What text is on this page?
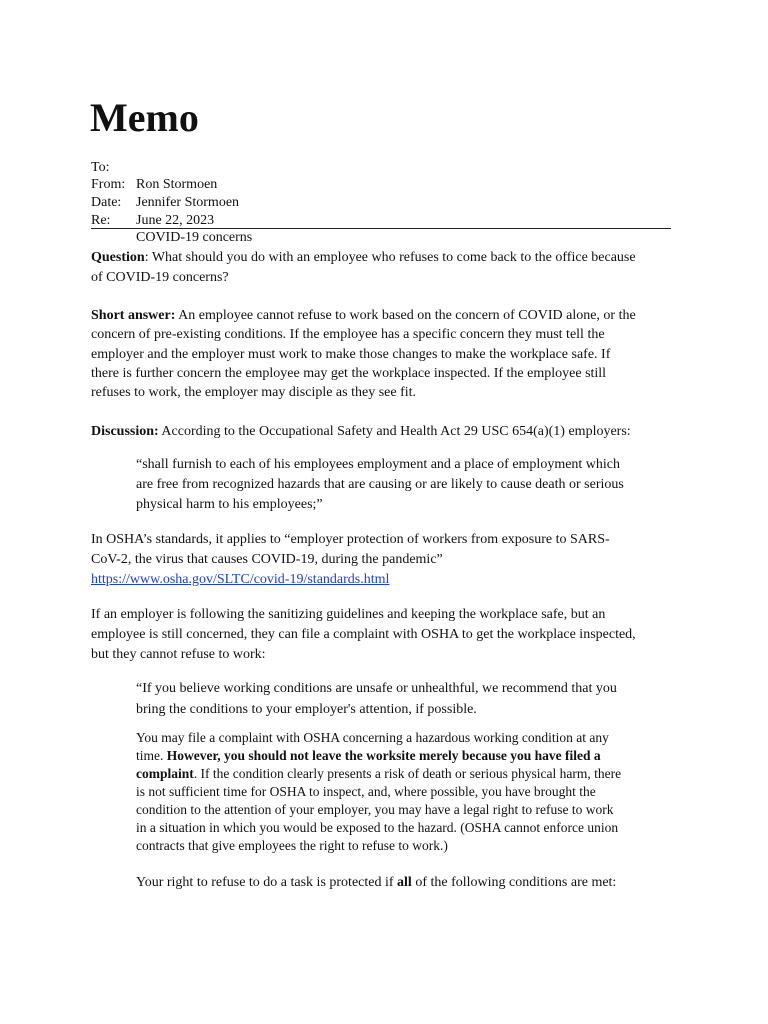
Memo

To:

Ron Stormoen

From:

Jennifer Stormoen

Date:

June 22, 2023

Re:

COVID-19 concerns

Question: What should you do with an employee who refuses to come back to the office because
of COVID-19 concerns?
Short answer: An employee cannot refuse to work based on the concern of COVID alone, or the
concern of pre-existing conditions. If the employee has a specific concern they must tell the
employer and the employer must work to make those changes to make the workplace safe. If
there is further concern the employee may get the workplace inspected. If the employee still
refuses to work, the employer may disciple as they see fit.
Discussion: According to the Occupational Safety and Health Act 29 USC 654(a)(1) employers:
“shall furnish to each of his employees employment and a place of employment which
are free from recognized hazards that are causing or are likely to cause death or serious
physical harm to his employees;”
In OSHA’s standards, it applies to “employer protection of workers from exposure to SARS-
CoV-2, the virus that causes COVID-19, during the pandemic”
https://www.osha.gov/SLTC/covid-19/standards.html
If an employer is following the sanitizing guidelines and keeping the workplace safe, but an
employee is still concerned, they can file a complaint with OSHA to get the workplace inspected,
but they cannot refuse to work:
“If you believe working conditions are unsafe or unhealthful, we recommend that you
bring the conditions to your employer's attention, if possible.
You may file a complaint with OSHA concerning a hazardous working condition at any
time. However, you should not leave the worksite merely because you have filed a
complaint. If the condition clearly presents a risk of death or serious physical harm, there
is not sufficient time for OSHA to inspect, and, where possible, you have brought the
condition to the attention of your employer, you may have a legal right to refuse to work
in a situation in which you would be exposed to the hazard. (OSHA cannot enforce union
contracts that give employees the right to refuse to work.)
Your right to refuse to do a task is protected if all of the following conditions are met:
